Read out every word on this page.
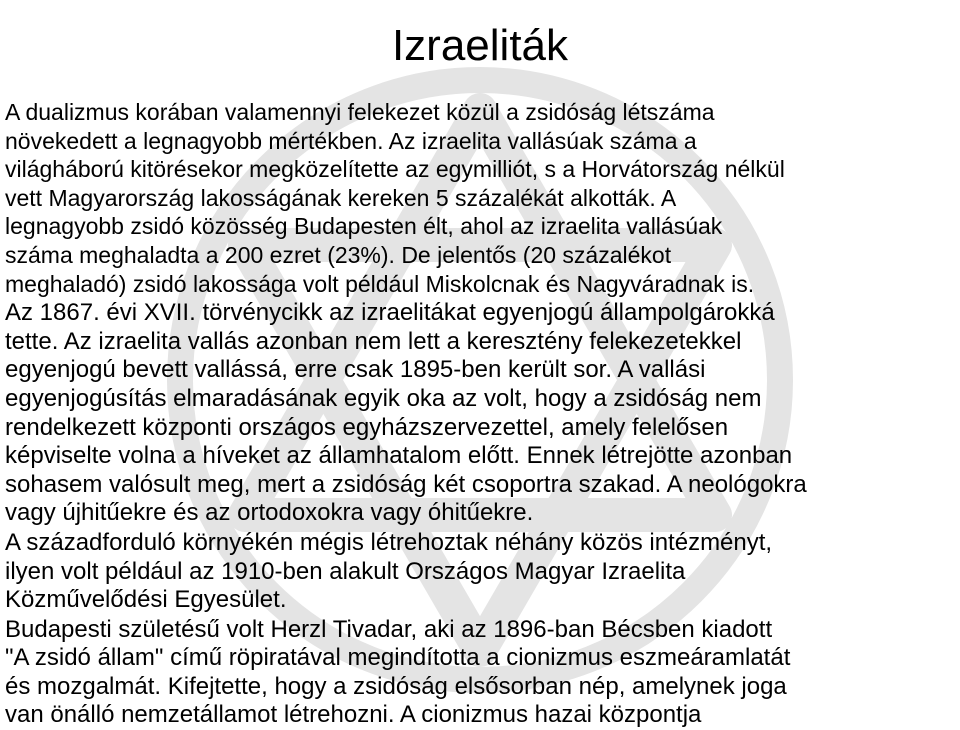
Izraeliták
A dualizmus korában valamennyi felekezet közül a zsidóság létszáma
növekedett a legnagyobb mértékben. Az izraelita vallásúak száma a
világháború kitörésekor megközelítette az egymilliót, s a Horvátország nélkül
vett Magyarország lakosságának kereken 5 százalékát alkották. A
legnagyobb zsidó közösség Budapesten élt, ahol az izraelita vallásúak
száma meghaladta a 200 ezret (23%). De jelentős (20 százalékot
meghaladó) zsidó lakossága volt például Miskolcnak és Nagyváradnak is.
Az 1867. évi XVII. törvénycikk az izraelitákat egyenjogú állampolgárokká
tette. Az izraelita vallás azonban nem lett a keresztény felekezetekkel
egyenjogú bevett vallássá, erre csak 1895-ben került sor. A vallási
egyenjogúsítás elmaradásának egyik oka az volt, hogy a zsidóság nem
rendelkezett központi országos egyházszervezettel, amely felelősen
képviselte volna a híveket az államhatalom előtt. Ennek létrejötte azonban
sohasem valósult meg, mert a zsidóság két csoportra szakad. A neológokra
vagy újhitűekre és az ortodoxokra vagy óhitűekre.
A századforduló környékén mégis létrehoztak néhány közös intézményt,
ilyen volt például az 1910-ben alakult Országos Magyar Izraelita
Közművelődési Egyesület.
Budapesti születésű volt Herzl Tivadar, aki az 1896-ban Bécsben kiadott
"A zsidó állam" című röpiratával megindította a cionizmus eszmeáramlatát
és mozgalmát. Kifejtette, hogy a zsidóság elsősorban nép, amelynek joga
van önálló nemzetállamot létrehozni. A cionizmus hazai központja
